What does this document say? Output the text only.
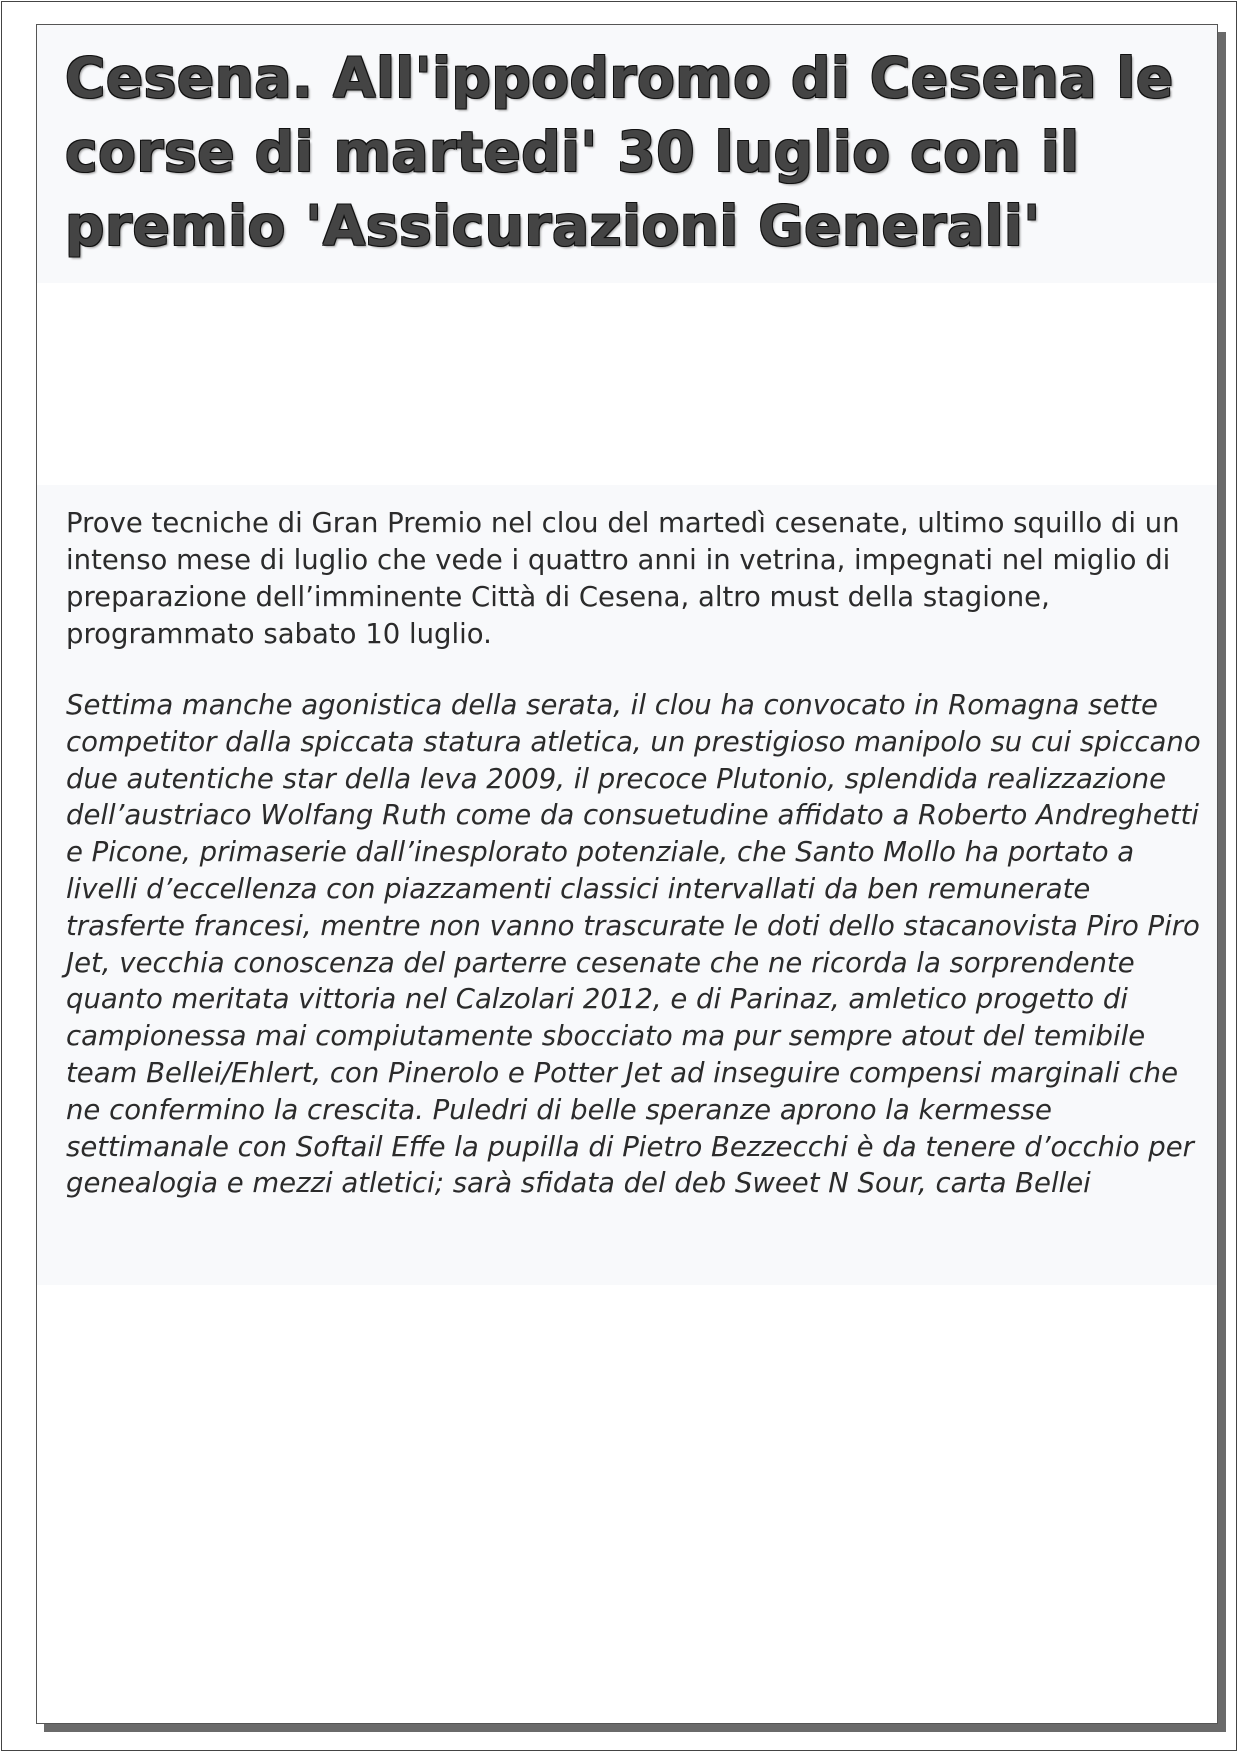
Cesena. All'ippodromo di Cesena le corse di martedi' 30 luglio con il premio 'Assicurazioni Generali'

Prove tecniche di Gran Premio nel clou del martedì cesenate, ultimo squillo di un intenso mese di luglio che vede i quattro anni in vetrina, impegnati nel miglio di preparazione dell’imminente Città di Cesena, altro must della stagione, programmato sabato 10 luglio.

Settima manche agonistica della serata, il clou ha convocato in Romagna sette competitor dalla spiccata statura atletica, un prestigioso manipolo su cui spiccano due autentiche star della leva 2009, il precoce Plutonio, splendida realizzazione dell’austriaco Wolfang Ruth come da consuetudine affidato a Roberto Andreghetti e Picone, primaserie dall’inesplorato potenziale, che Santo Mollo ha portato a livelli d’eccellenza con piazzamenti classici intervallati da ben remunerate trasferte francesi, mentre non vanno trascurate le doti dello stacanovista Piro Piro Jet, vecchia conoscenza del parterre cesenate che ne ricorda la sorprendente quanto meritata vittoria nel Calzolari 2012, e di Parinaz, amletico progetto di campionessa mai compiutamente sbocciato ma pur sempre atout del temibile team Bellei/Ehlert, con Pinerolo e Potter Jet ad inseguire compensi marginali che ne confermino la crescita. Puledri di belle speranze aprono la kermesse settimanale con Softail Effe la pupilla di Pietro Bezzecchi è da tenere d’occhio per genealogia e mezzi atletici; sarà sfidata del deb Sweet N Sour, carta Bellei
